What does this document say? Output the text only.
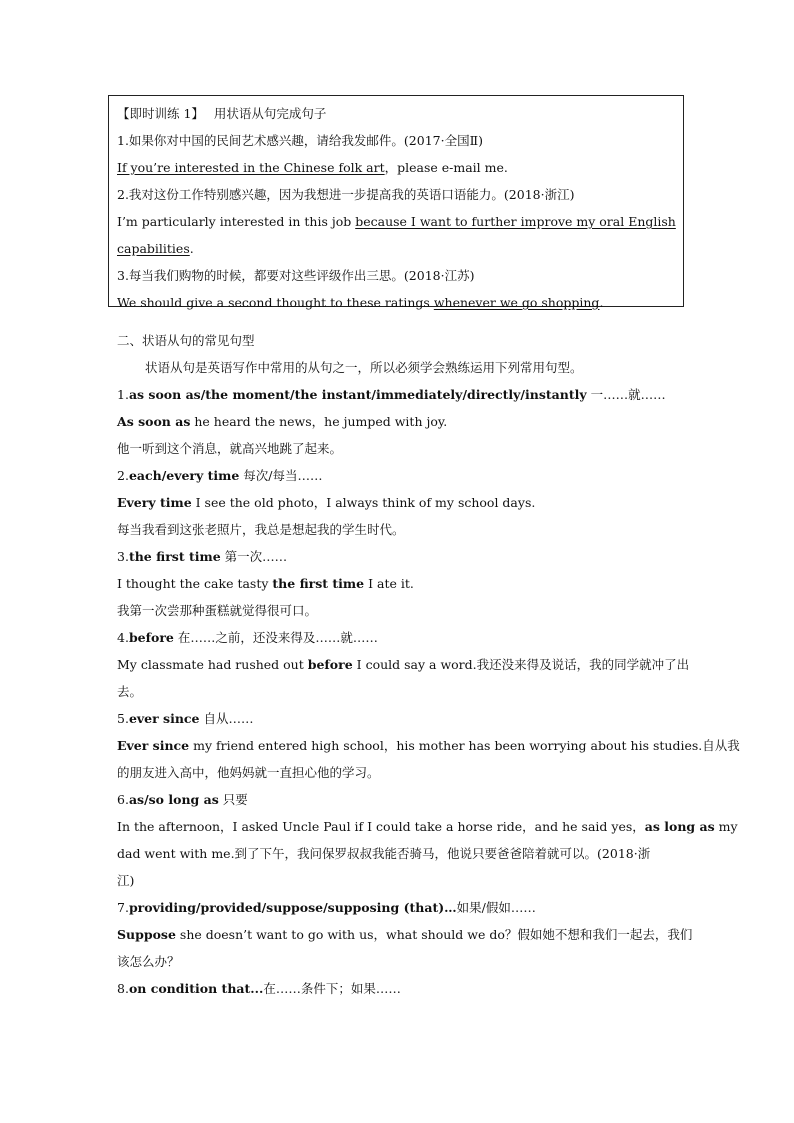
【即时训练 1】 用状语从句完成句子
1.如果你对中国的民间艺术感兴趣，请给我发邮件。(2017·全国Ⅱ)
If you’re interested in the Chinese folk art，please e-mail me.
2.我对这份工作特别感兴趣，因为我想进一步提高我的英语口语能力。(2018·浙江)
I’m particularly interested in this job because I want to further improve my oral English
capabilities.
3.每当我们购物的时候，都要对这些评级作出三思。(2018·江苏)
We should give a second thought to these ratings whenever we go shopping.
二、状语从句的常见句型
状语从句是英语写作中常用的从句之一，所以必须学会熟练运用下列常用句型。
1.as soon as/the moment/the instant/immediately/directly/instantly 一……就……
As soon as he heard the news，he jumped with joy.
他一听到这个消息，就高兴地跳了起来。
2.each/every time 每次/每当……
Every time I see the old photo，I always think of my school days.
每当我看到这张老照片，我总是想起我的学生时代。
3.the first time 第一次……
I thought the cake tasty the first time I ate it.
我第一次尝那种蛋糕就觉得很可口。
4.before 在……之前，还没来得及……就……
My classmate had rushed out before I could say a word.我还没来得及说话，我的同学就冲了出
去。
5.ever since 自从……
Ever since my friend entered high school，his mother has been worrying about his studies.自从我
的朋友进入高中，他妈妈就一直担心他的学习。
6.as/so long as 只要
In the afternoon，I asked Uncle Paul if I could take a horse ride，and he said yes，as long as my
dad went with me.到了下午，我问保罗叔叔我能否骑马，他说只要爸爸陪着就可以。(2018·浙
江)
7.providing/provided/suppose/supposing (that)…如果/假如……
Suppose she doesn’t want to go with us，what should we do？假如她不想和我们一起去，我们
该怎么办？
8.on condition that...在……条件下；如果……
